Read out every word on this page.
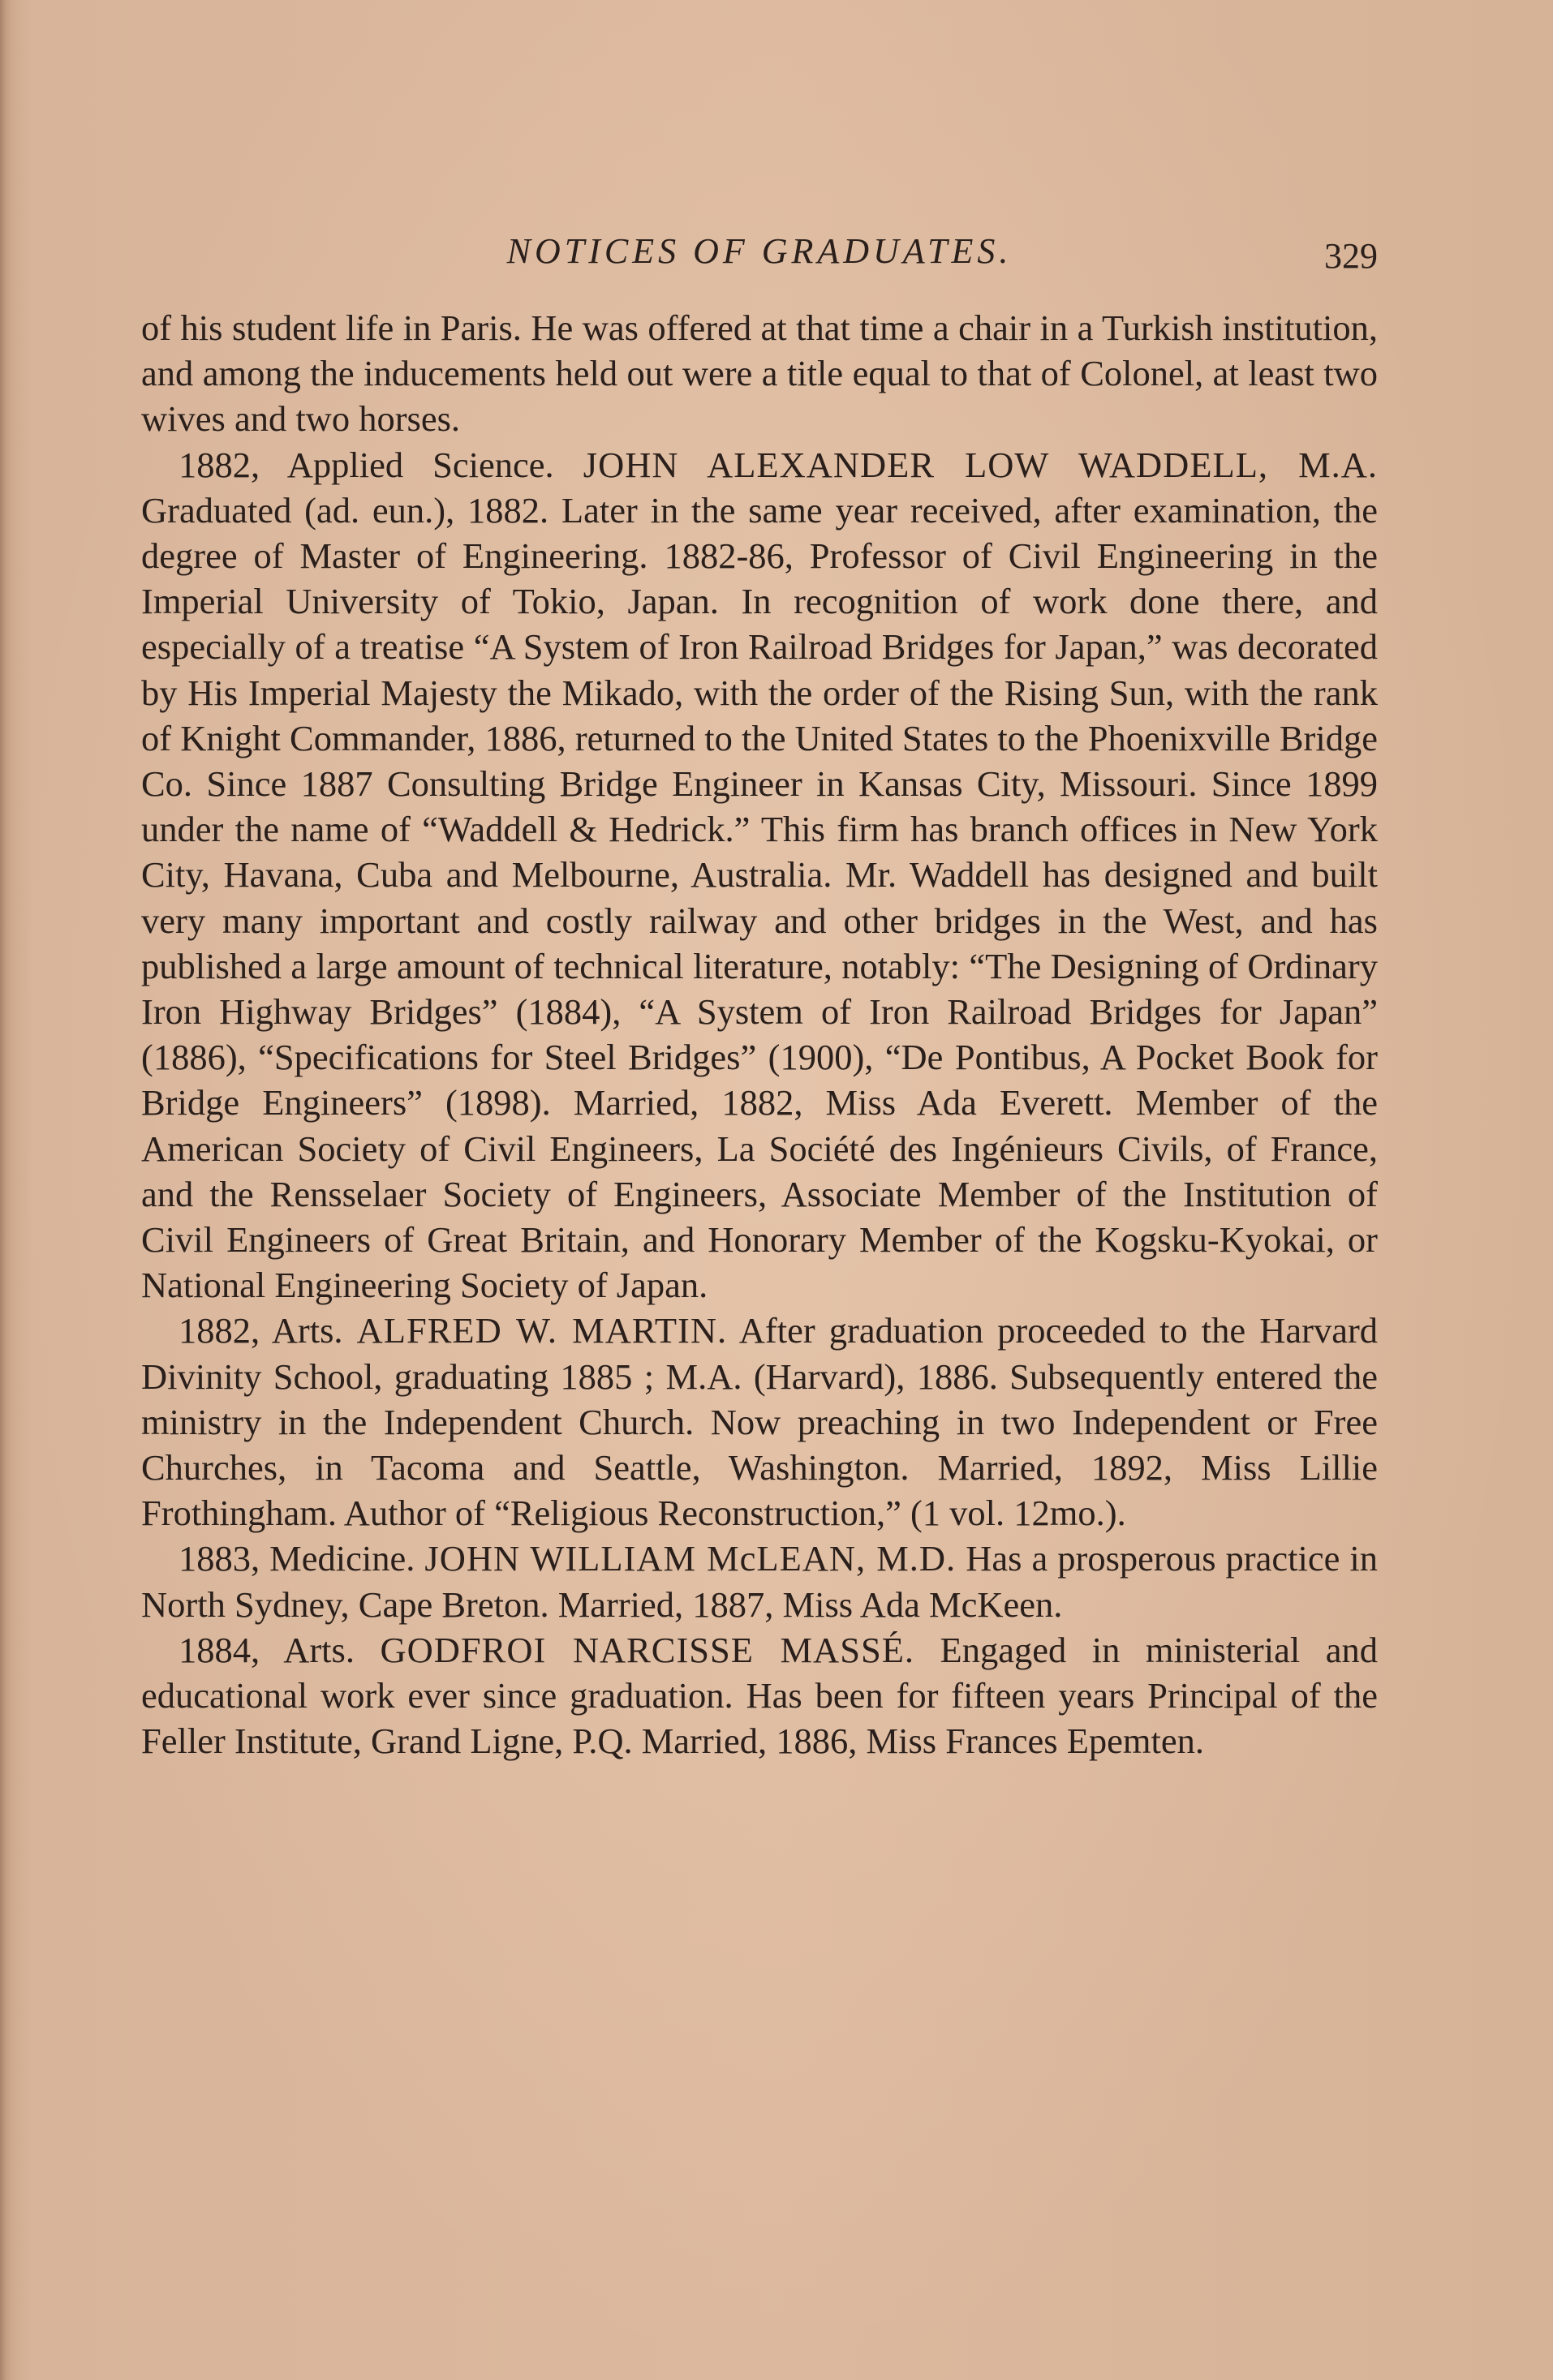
NOTICES OF GRADUATES.	329

of his student life in Paris. He was offered at that time a chair in a Turkish institution, and among the inducements held out were a title equal to that of Colonel, at least two wives and two horses.

1882, Applied Science. JOHN ALEXANDER LOW WADDELL, M.A. Graduated (ad. eun.), 1882. Later in the same year received, after examination, the degree of Master of Engineering. 1882-86, Professor of Civil Engineering in the Imperial University of Tokio, Japan. In recognition of work done there, and especially of a treatise “A System of Iron Railroad Bridges for Japan,” was decorated by His Imperial Majesty the Mikado, with the order of the Rising Sun, with the rank of Knight Commander, 1886, returned to the United States to the Phoenixville Bridge Co. Since 1887 Consulting Bridge Engineer in Kansas City, Missouri. Since 1899 under the name of “Waddell & Hedrick.” This firm has branch offices in New York City, Havana, Cuba and Melbourne, Australia. Mr. Waddell has designed and built very many important and costly railway and other bridges in the West, and has published a large amount of technical literature, notably: “The Designing of Ordinary Iron Highway Bridges” (1884), “A System of Iron Railroad Bridges for Japan” (1886), “Specifications for Steel Bridges” (1900), “De Pontibus, A Pocket Book for Bridge Engineers” (1898). Married, 1882, Miss Ada Everett. Member of the American Society of Civil Engineers, La Société des Ingénieurs Civils, of France, and the Rensselaer Society of Engineers, Associate Member of the Institution of Civil Engineers of Great Britain, and Honorary Member of the Kogsku-Kyokai, or National Engineering Society of Japan.

1882, Arts. ALFRED W. MARTIN. After graduation proceeded to the Harvard Divinity School, graduating 1885 ; M.A. (Harvard), 1886. Subsequently entered the ministry in the Independent Church. Now preaching in two Independent or Free Churches, in Tacoma and Seattle, Washington. Married, 1892, Miss Lillie Frothingham. Author of “Religious Reconstruction,” (1 vol. 12mo.).

1883, Medicine. JOHN WILLIAM McLEAN, M.D. Has a prosperous practice in North Sydney, Cape Breton. Married, 1887, Miss Ada McKeen.

1884, Arts. GODFROI NARCISSE MASSÉ. Engaged in ministerial and educational work ever since graduation. Has been for fifteen years Principal of the Feller Institute, Grand Ligne, P.Q. Married, 1886, Miss Frances Epemten.
